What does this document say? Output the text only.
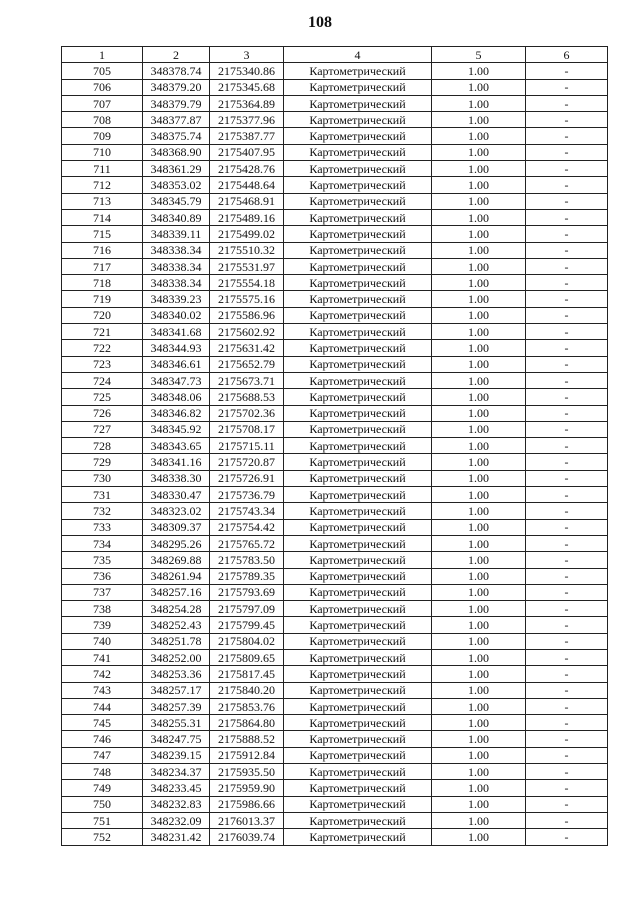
108
1	2	3	4	5	6
705	348378.74	2175340.86	Картометрический	1.00	-
706	348379.20	2175345.68	Картометрический	1.00	-
707	348379.79	2175364.89	Картометрический	1.00	-
708	348377.87	2175377.96	Картометрический	1.00	-
709	348375.74	2175387.77	Картометрический	1.00	-
710	348368.90	2175407.95	Картометрический	1.00	-
711	348361.29	2175428.76	Картометрический	1.00	-
712	348353.02	2175448.64	Картометрический	1.00	-
713	348345.79	2175468.91	Картометрический	1.00	-
714	348340.89	2175489.16	Картометрический	1.00	-
715	348339.11	2175499.02	Картометрический	1.00	-
716	348338.34	2175510.32	Картометрический	1.00	-
717	348338.34	2175531.97	Картометрический	1.00	-
718	348338.34	2175554.18	Картометрический	1.00	-
719	348339.23	2175575.16	Картометрический	1.00	-
720	348340.02	2175586.96	Картометрический	1.00	-
721	348341.68	2175602.92	Картометрический	1.00	-
722	348344.93	2175631.42	Картометрический	1.00	-
723	348346.61	2175652.79	Картометрический	1.00	-
724	348347.73	2175673.71	Картометрический	1.00	-
725	348348.06	2175688.53	Картометрический	1.00	-
726	348346.82	2175702.36	Картометрический	1.00	-
727	348345.92	2175708.17	Картометрический	1.00	-
728	348343.65	2175715.11	Картометрический	1.00	-
729	348341.16	2175720.87	Картометрический	1.00	-
730	348338.30	2175726.91	Картометрический	1.00	-
731	348330.47	2175736.79	Картометрический	1.00	-
732	348323.02	2175743.34	Картометрический	1.00	-
733	348309.37	2175754.42	Картометрический	1.00	-
734	348295.26	2175765.72	Картометрический	1.00	-
735	348269.88	2175783.50	Картометрический	1.00	-
736	348261.94	2175789.35	Картометрический	1.00	-
737	348257.16	2175793.69	Картометрический	1.00	-
738	348254.28	2175797.09	Картометрический	1.00	-
739	348252.43	2175799.45	Картометрический	1.00	-
740	348251.78	2175804.02	Картометрический	1.00	-
741	348252.00	2175809.65	Картометрический	1.00	-
742	348253.36	2175817.45	Картометрический	1.00	-
743	348257.17	2175840.20	Картометрический	1.00	-
744	348257.39	2175853.76	Картометрический	1.00	-
745	348255.31	2175864.80	Картометрический	1.00	-
746	348247.75	2175888.52	Картометрический	1.00	-
747	348239.15	2175912.84	Картометрический	1.00	-
748	348234.37	2175935.50	Картометрический	1.00	-
749	348233.45	2175959.90	Картометрический	1.00	-
750	348232.83	2175986.66	Картометрический	1.00	-
751	348232.09	2176013.37	Картометрический	1.00	-
752	348231.42	2176039.74	Картометрический	1.00	-
